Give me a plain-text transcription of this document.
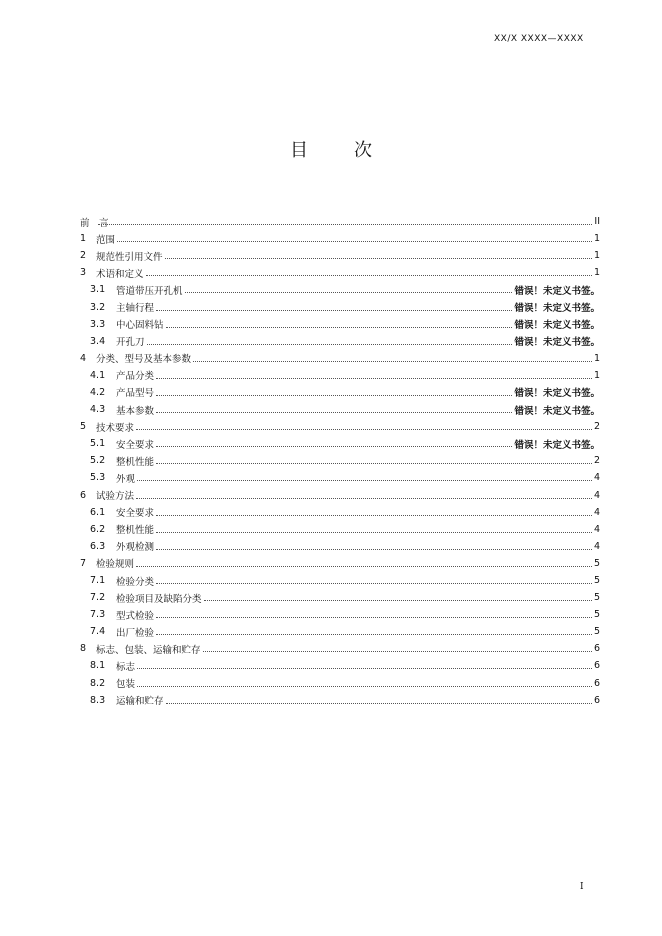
XX/X XXXX—XXXX
目	次
前　言	II
1	范围	1
2	规范性引用文件	1
3	术语和定义	1
3.1	管道带压开孔机	错误！未定义书签。
3.2	主轴行程	错误！未定义书签。
3.3	中心固料钻	错误！未定义书签。
3.4	开孔刀	错误！未定义书签。
4	分类、型号及基本参数	1
4.1	产品分类	1
4.2	产品型号	错误！未定义书签。
4.3	基本参数	错误！未定义书签。
5	技术要求	2
5.1	安全要求	错误！未定义书签。
5.2	整机性能	2
5.3	外观	4
6	试验方法	4
6.1	安全要求	4
6.2	整机性能	4
6.3	外观检测	4
7	检验规则	5
7.1	检验分类	5
7.2	检验项目及缺陷分类	5
7.3	型式检验	5
7.4	出厂检验	5
8	标志、包装、运输和贮存	6
8.1	标志	6
8.2	包装	6
8.3	运输和贮存	6
I
